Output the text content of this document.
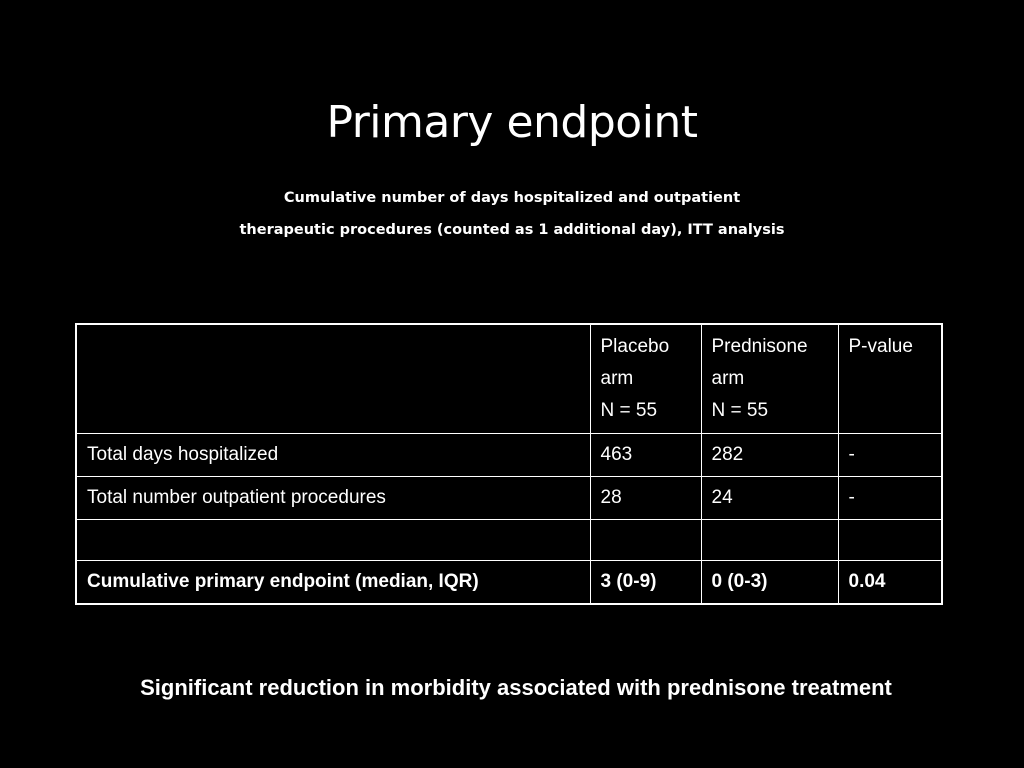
Primary endpoint
Cumulative number of days hospitalized and outpatient
therapeutic procedures (counted as 1 additional day), ITT analysis

	Placebo
arm
N = 55	Prednisone
arm
N = 55	P-value

Total days hospitalized	463	282	-
Total number outpatient procedures	28	24	-

Cumulative primary endpoint (median, IQR)	3 (0-9)	0 (0-3)	0.04
Significant reduction in morbidity associated with prednisone treatment
